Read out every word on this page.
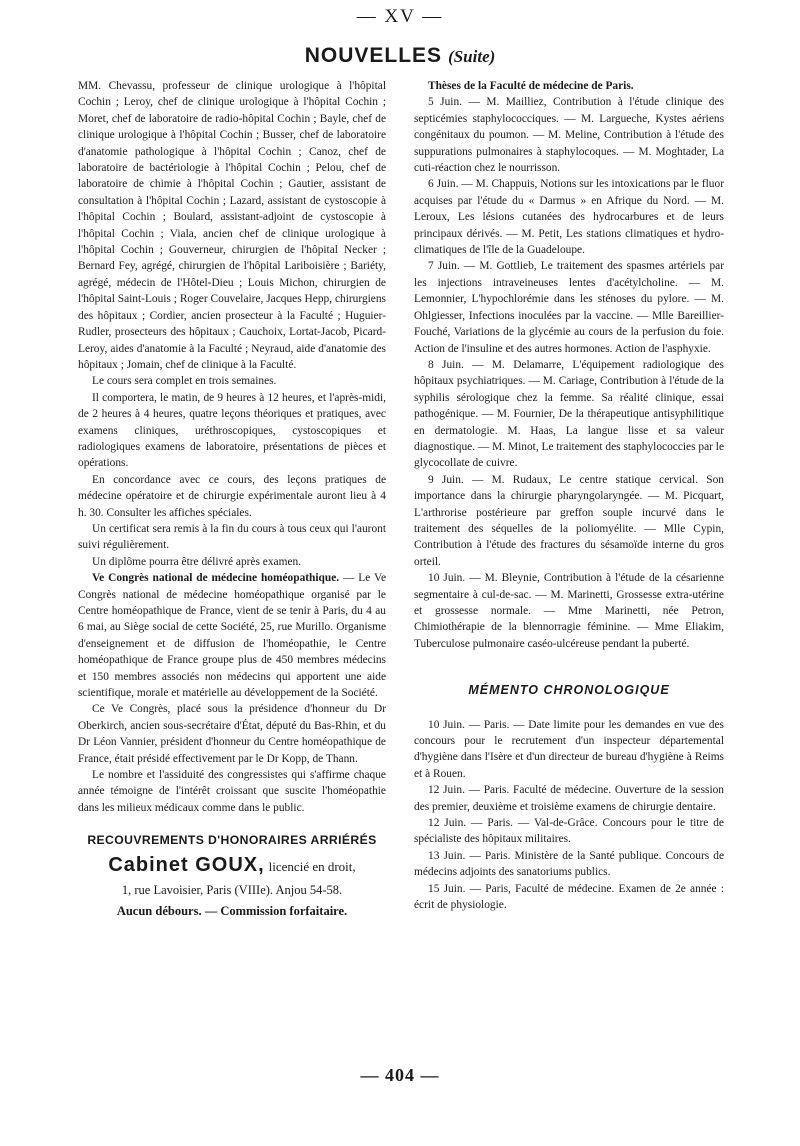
— XV —
NOUVELLES (Suite)

MM. Chevassu, professeur de clinique urologique à l'hôpital Cochin ; Leroy, chef de clinique urologique à l'hôpital Cochin ; Moret, chef de laboratoire de radio-hôpital Cochin ; Bayle, chef de clinique urologique à l'hôpital Cochin ; Busser, chef de laboratoire d'anatomie pathologique à l'hôpital Cochin ; Canoz, chef de laboratoire de bactériologie à l'hôpital Cochin ; Pelou, chef de laboratoire de chimie à l'hôpital Cochin ; Gautier, assistant de consultation à l'hôpital Cochin ; Lazard, assistant de cystoscopie à l'hôpital Cochin ; Boulard, assistant-adjoint de cystoscopie à l'hôpital Cochin ; Viala, ancien chef de clinique urologique à l'hôpital Cochin ; Gouverneur, chirurgien de l'hôpital Necker ; Bernard Fey, agrégé, chirurgien de l'hôpital Lariboisière ; Bariéty, agrégé, médecin de l'Hôtel-Dieu ; Louis Michon, chirurgien de l'hôpital Saint-Louis ; Roger Couvelaire, Jacques Hepp, chirurgiens des hôpitaux ; Cordier, ancien prosecteur à la Faculté ; Huguier-Rudler, prosecteurs des hôpitaux ; Cauchoix, Lortat-Jacob, Picard-Leroy, aides d'anatomie à la Faculté ; Neyraud, aide d'anatomie des hôpitaux ; Jomain, chef de clinique à la Faculté.

Le cours sera complet en trois semaines.

Il comportera, le matin, de 9 heures à 12 heures, et l'après-midi, de 2 heures à 4 heures, quatre leçons théoriques et pratiques, avec examens cliniques, uréthroscopiques, cystoscopiques et radiologiques examens de laboratoire, présentations de pièces et opérations.

En concordance avec ce cours, des leçons pratiques de médecine opératoire et de chirurgie expérimentale auront lieu à 4 h. 30. Consulter les affiches spéciales.

Un certificat sera remis à la fin du cours à tous ceux qui l'auront suivi régulièrement.

Un diplôme pourra être délivré après examen.

Ve Congrès national de médecine homéopathique. — Le Ve Congrès national de médecine homéopathique organisé par le Centre homéopathique de France, vient de se tenir à Paris, du 4 au 6 mai, au Siège social de cette Société, 25, rue Murillo. Organisme d'enseignement et de diffusion de l'homéopathie, le Centre homéopathique de France groupe plus de 450 membres médecins et 150 membres associés non médecins qui apportent une aide scientifique, morale et matérielle au développement de la Société.

Ce Ve Congrès, placé sous la présidence d'honneur du Dr Oberkirch, ancien sous-secrétaire d'État, député du Bas-Rhin, et du Dr Léon Vannier, président d'honneur du Centre homéopathique de France, était présidé effectivement par le Dr Kopp, de Thann.

Le nombre et l'assiduité des congressistes qui s'affirme chaque année témoigne de l'intérêt croissant que suscite l'homéopathie dans les milieux médicaux comme dans le public.

RECOUVREMENTS D'HONORAIRES ARRIÉRÉS
Cabinet GOUX, licencié en droit,
1, rue Lavoisier, Paris (VIIIe). Anjou 54-58.
Aucun débours. — Commission forfaitaire.

Thèses de la Faculté de médecine de Paris.

5 Juin. — M. Mailliez, Contribution à l'étude clinique des septicémies staphylococciques. — M. Largueche, Kystes aériens congénitaux du poumon. — M. Meline, Contribution à l'étude des suppurations pulmonaires à staphylocoques. — M. Moghtader, La cuti-réaction chez le nourrisson.

6 Juin. — M. Chappuis, Notions sur les intoxications par le fluor acquises par l'étude du « Darmus » en Afrique du Nord. — M. Leroux, Les lésions cutanées des hydrocarbures et de leurs principaux dérivés. — M. Petit, Les stations climatiques et hydro-climatiques de l'île de la Guadeloupe.

7 Juin. — M. Gottlieb, Le traitement des spasmes artériels par les injections intraveineuses lentes d'acétylcholine. — M. Lemonnier, L'hypochlorémie dans les sténoses du pylore. — M. Ohlgiesser, Infections inoculées par la vaccine. — Mlle Bareillier-Fouché, Variations de la glycémie au cours de la perfusion du foie. Action de l'insuline et des autres hormones. Action de l'asphyxie.

8 Juin. — M. Delamarre, L'équipement radiologique des hôpitaux psychiatriques. — M. Cariage, Contribution à l'étude de la syphilis sérologique chez la femme. Sa réalité clinique, essai pathogénique. — M. Fournier, De la thérapeutique antisyphilitique en dermatologie. M. Haas, La langue lisse et sa valeur diagnostique. — M. Minot, Le traitement des staphylococcies par le glycocollate de cuivre.

9 Juin. — M. Rudaux, Le centre statique cervical. Son importance dans la chirurgie pharyngolaryngée. — M. Picquart, L'arthrorise postérieure par greffon souple incurvé dans le traitement des séquelles de la poliomyélite. — Mlle Cypin, Contribution à l'étude des fractures du sésamoïde interne du gros orteil.

10 Juin. — M. Bleynie, Contribution à l'étude de la césarienne segmentaire à cul-de-sac. — M. Marinetti, Grossesse extra-utérine et grossesse normale. — Mme Marinetti, née Petron, Chimiothérapie de la blennorragie féminine. — Mme Eliakim, Tuberculose pulmonaire caséo-ulcéreuse pendant la puberté.

MÉMENTO CHRONOLOGIQUE

10 Juin. — Paris. — Date limite pour les demandes en vue des concours pour le recrutement d'un inspecteur départemental d'hygiène dans l'Isère et d'un directeur de bureau d'hygiène à Reims et à Rouen.

12 Juin. — Paris. Faculté de médecine. Ouverture de la session des premier, deuxième et troisième examens de chirurgie dentaire.

12 Juin. — Paris. — Val-de-Grâce. Concours pour le titre de spécialiste des hôpitaux militaires.

13 Juin. — Paris. Ministère de la Santé publique. Concours de médecins adjoints des sanatoriums publics.

15 Juin. — Paris, Faculté de médecine. Examen de 2e année : écrit de physiologie.

— 404 —
